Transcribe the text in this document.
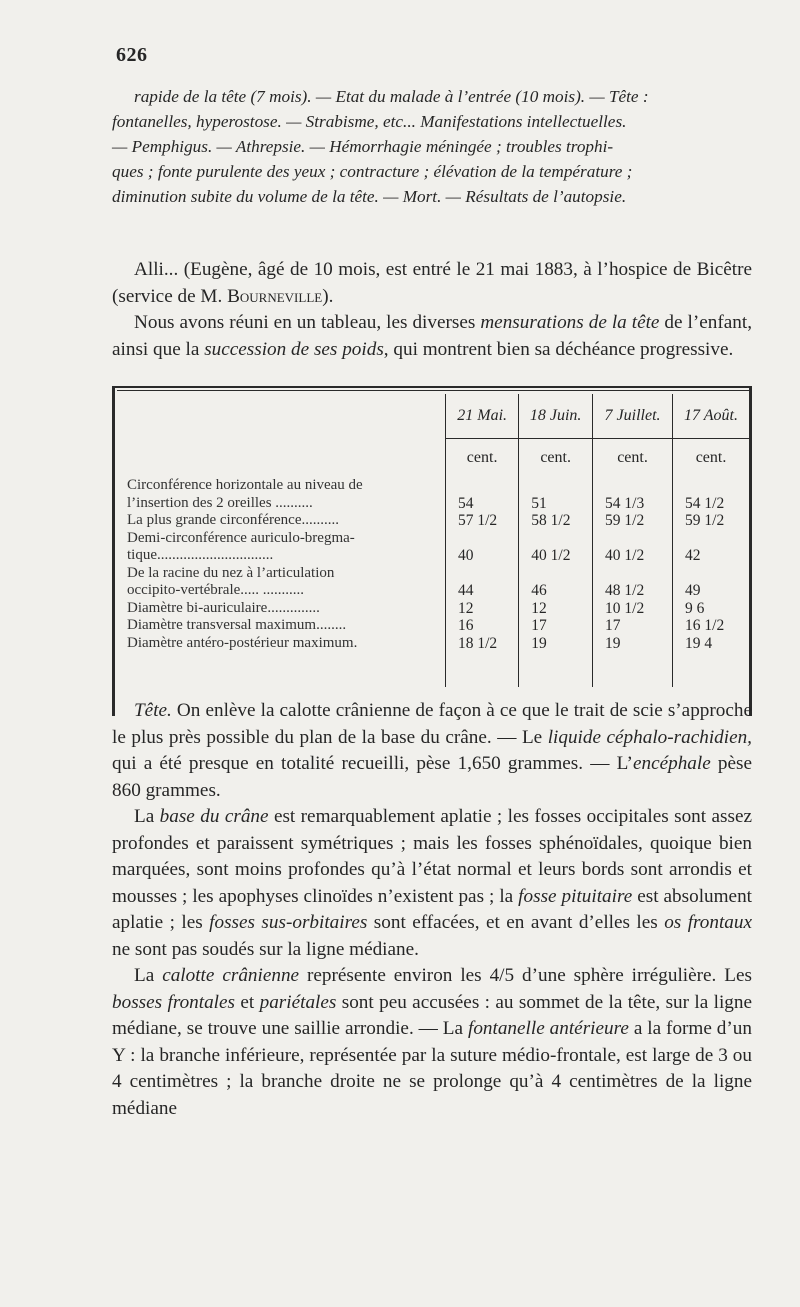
626
rapide de la tête (7 mois). — Etat du malade à l’entrée (10 mois). — Tête :
fontanelles, hyperostose. — Strabisme, etc... Manifestations intellectuelles.
— Pemphigus. — Athrepsie. — Hémorrhagie méningée ; troubles trophi-
ques ; fonte purulente des yeux ; contracture ; élévation de la température ;
diminution subite du volume de la tête. — Mort. — Résultats de l’autopsie.

Alli... (Eugène, âgé de 10 mois, est entré le 21 mai 1883, à l’hospice de Bicêtre (service de M. Bourneville).

Nous avons réuni en un tableau, les diverses mensurations de la tête de l’enfant, ainsi que la succession de ses poids, qui montrent bien sa déchéance progressive.

	21 Mai.	18 Juin.	7 Juillet.	17 Août.
	cent.	cent.	cent.	cent.

Circonférence horizontale au niveau de
l’insertion des 2 oreilles ..........	54	51	54 1/3	54 1/2

La plus grande circonférence..........	57 1/2	58 1/2	59 1/2	59 1/2

Demi-circonférence auriculo-bregma-
tique...............................	40	40 1/2	40 1/2	42

De la racine du nez à l’articulation
occipito-vertébrale..... ...........	44	46	48 1/2	49

Diamètre bi-auriculaire..............	12	12	10 1/2	9 6

Diamètre transversal maximum........	16	17	17	16 1/2

Diamètre antéro-postérieur maximum.	18 1/2	19	19	19 4

Tête. On enlève la calotte crânienne de façon à ce que le trait de scie s’approche le plus près possible du plan de la base du crâne. — Le liquide céphalo-rachidien, qui a été presque en totalité recueilli, pèse 1,650 grammes. — L’encéphale pèse 860 grammes.

La base du crâne est remarquablement aplatie ; les fosses occipitales sont assez profondes et paraissent symétriques ; mais les fosses sphénoïdales, quoique bien marquées, sont moins profondes qu’à l’état normal et leurs bords sont arrondis et mousses ; les apophyses clinoïdes n’existent pas ; la fosse pituitaire est absolument aplatie ; les fosses sus-orbitaires sont effacées, et en avant d’elles les os frontaux ne sont pas soudés sur la ligne médiane.

La calotte crânienne représente environ les 4/5 d’une sphère irrégulière. Les bosses frontales et pariétales sont peu accusées : au sommet de la tête, sur la ligne médiane, se trouve une saillie arrondie. — La fontanelle antérieure a la forme d’un Y : la branche inférieure, représentée par la suture médio-frontale, est large de 3 ou 4 centimètres ; la branche droite ne se prolonge qu’à 4 centimètres de la ligne médiane
